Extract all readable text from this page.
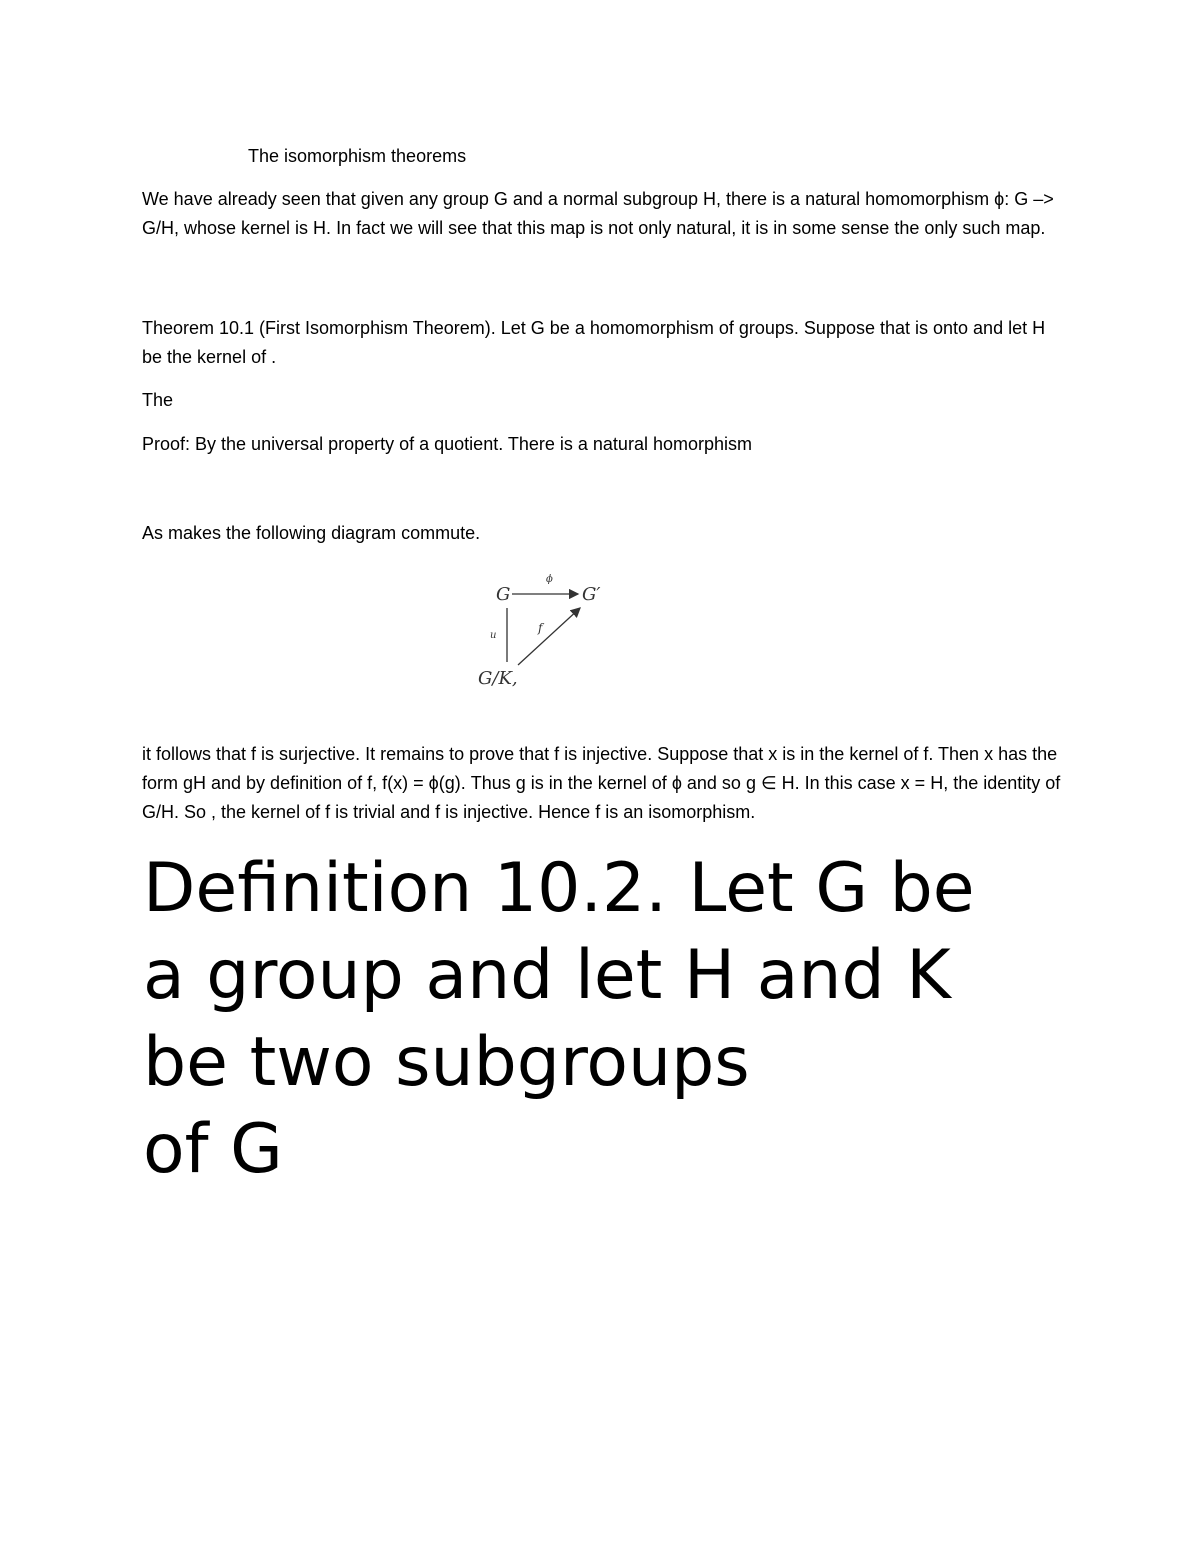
The isomorphism theorems
We have already seen that given any group G and a normal subgroup H, there is a natural homomorphism ϕ: G –> G/H, whose kernel is H. In fact we will see that this map is not only natural, it is in some sense the only such map.
Theorem 10.1 (First Isomorphism Theorem). Let G be a homomorphism of groups. Suppose that is onto and let H be the kernel of .
The
Proof: By the universal property of a quotient. There is a natural homorphism
As makes the following diagram commute.
G	G′
G/K,
ϕ
u
f
it follows that f is surjective. It remains to prove that f is injective. Suppose that x is in the kernel of f. Then x has the form gH and by definition of f, f(x) = ϕ(g). Thus g is in the kernel of ϕ and so g ∈ H. In this case x = H, the identity of G/H. So , the kernel of f is trivial and f is injective. Hence f is an isomorphism.
Definition 10.2. Let G be
a group and let H and K
be two subgroups
of G
